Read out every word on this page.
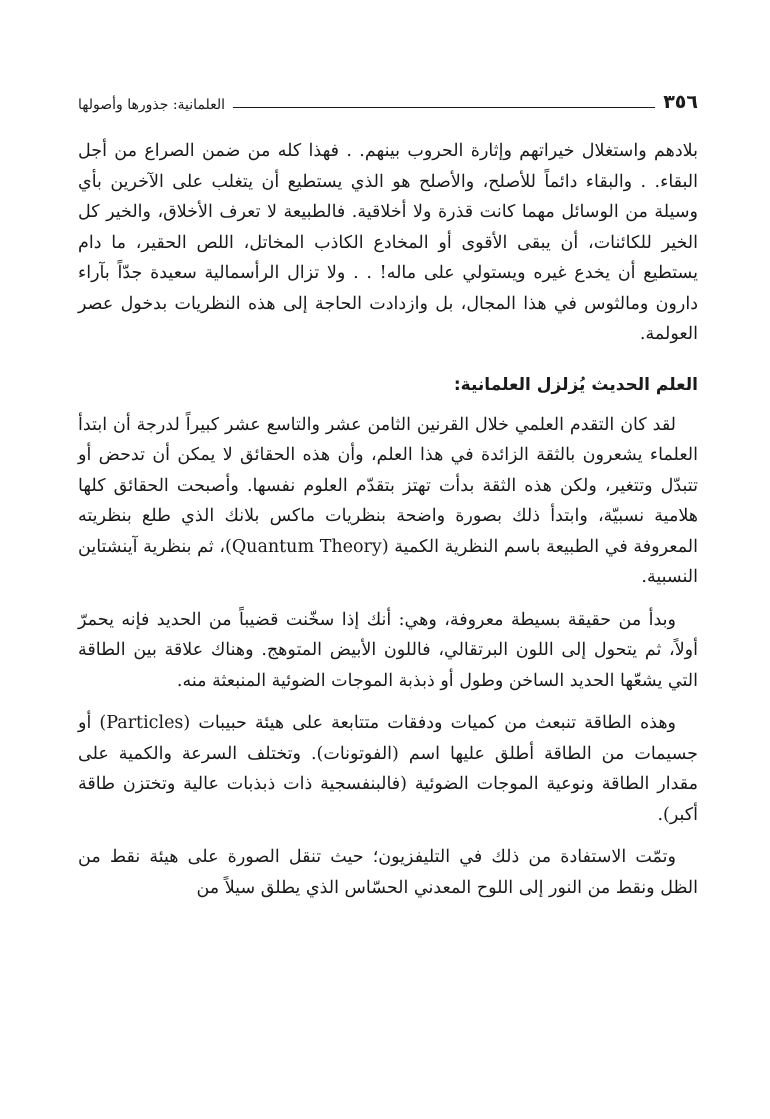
٣٥٦
العلمانية: جذورها وأصولها

بلادهم واستغلال خيراتهم وإثارة الحروب بينهم. . فهذا كله من ضمن الصراع من أجل البقاء. . والبقاء دائماً للأصلح، والأصلح هو الذي يستطيع أن يتغلب على الآخرين بأي وسيلة من الوسائل مهما كانت قذرة ولا أخلاقية. فالطبيعة لا تعرف الأخلاق، والخير كل الخير للكائنات، أن يبقى الأقوى أو المخادع الكاذب المخاتل، اللص الحقير، ما دام يستطيع أن يخدع غيره ويستولي على ماله! . . ولا تزال الرأسمالية سعيدة جدّاً بآراء دارون ومالثوس في هذا المجال، بل وازدادت الحاجة إلى هذه النظريات بدخول عصر العولمة.

العلم الحديث يُزلزل العلمانية:

لقد كان التقدم العلمي خلال القرنين الثامن عشر والتاسع عشر كبيراً لدرجة أن ابتدأ العلماء يشعرون بالثقة الزائدة في هذا العلم، وأن هذه الحقائق لا يمكن أن تدحض أو تتبدّل وتتغير، ولكن هذه الثقة بدأت تهتز بتقدّم العلوم نفسها. وأصبحت الحقائق كلها هلامية نسبيّة، وابتدأ ذلك بصورة واضحة بنظريات ماكس بلانك الذي طلع بنظريته المعروفة في الطبيعة باسم النظرية الكمية (Quantum Theory)، ثم بنظرية آينشتاين النسبية.

وبدأ من حقيقة بسيطة معروفة، وهي: أنك إذا سخّنت قضيباً من الحديد فإنه يحمرّ أولاً، ثم يتحول إلى اللون البرتقالي، فاللون الأبيض المتوهج. وهناك علاقة بين الطاقة التي يشعّها الحديد الساخن وطول أو ذبذبة الموجات الضوئية المنبعثة منه.

وهذه الطاقة تنبعث من كميات ودفقات متتابعة على هيئة حبيبات (Particles) أو جسيمات من الطاقة أطلق عليها اسم (الفوتونات). وتختلف السرعة والكمية على مقدار الطاقة ونوعية الموجات الضوئية (فالبنفسجية ذات ذبذبات عالية وتختزن طاقة أكبر).

وتمّت الاستفادة من ذلك في التليفزيون؛ حيث تنقل الصورة على هيئة نقط من الظل ونقط من النور إلى اللوح المعدني الحسّاس الذي يطلق سيلاً من
